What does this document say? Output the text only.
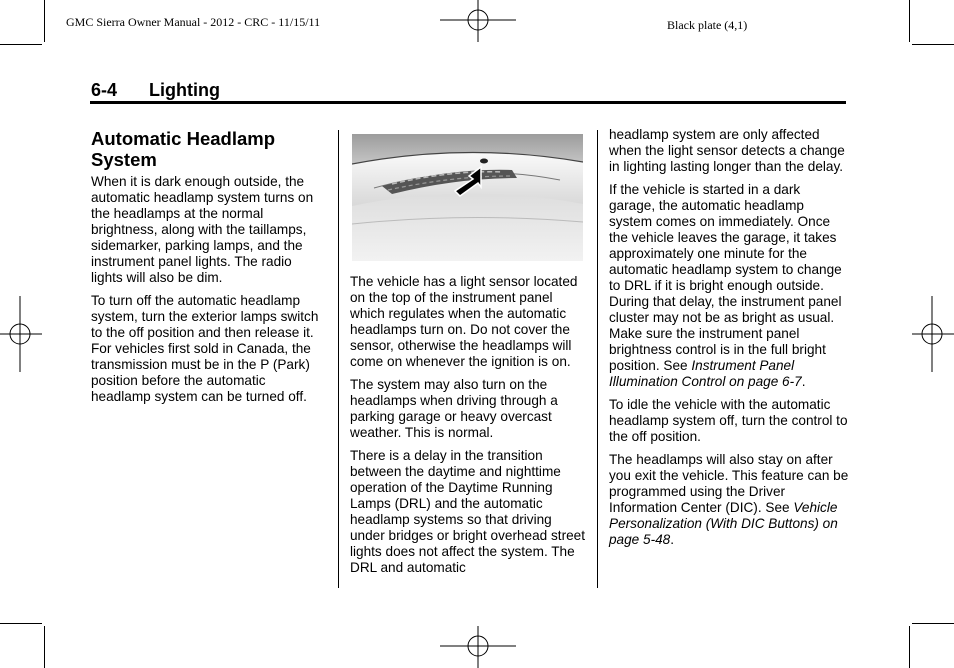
GMC Sierra Owner Manual - 2012 - CRC - 11/15/11	Black plate (4,1)
6-4 Lighting
Automatic Headlamp System

When it is dark enough outside, the automatic headlamp system turns on the headlamps at the normal brightness, along with the taillamps, sidemarker, parking lamps, and the instrument panel lights. The radio lights will also be dim.

To turn off the automatic headlamp system, turn the exterior lamps switch to the off position and then release it. For vehicles first sold in Canada, the transmission must be in the P (Park) position before the automatic headlamp system can be turned off.

The vehicle has a light sensor located on the top of the instrument panel which regulates when the automatic headlamps turn on. Do not cover the sensor, otherwise the headlamps will come on whenever the ignition is on.

The system may also turn on the headlamps when driving through a parking garage or heavy overcast weather. This is normal.

There is a delay in the transition between the daytime and nighttime operation of the Daytime Running Lamps (DRL) and the automatic headlamp systems so that driving under bridges or bright overhead street lights does not affect the system. The DRL and automatic

headlamp system are only affected when the light sensor detects a change in lighting lasting longer than the delay.

If the vehicle is started in a dark garage, the automatic headlamp system comes on immediately. Once the vehicle leaves the garage, it takes approximately one minute for the automatic headlamp system to change to DRL if it is bright enough outside. During that delay, the instrument panel cluster may not be as bright as usual. Make sure the instrument panel brightness control is in the full bright position. See Instrument Panel Illumination Control on page 6-7.

To idle the vehicle with the automatic headlamp system off, turn the control to the off position.

The headlamps will also stay on after you exit the vehicle. This feature can be programmed using the Driver Information Center (DIC). See Vehicle Personalization (With DIC Buttons) on page 5-48.
